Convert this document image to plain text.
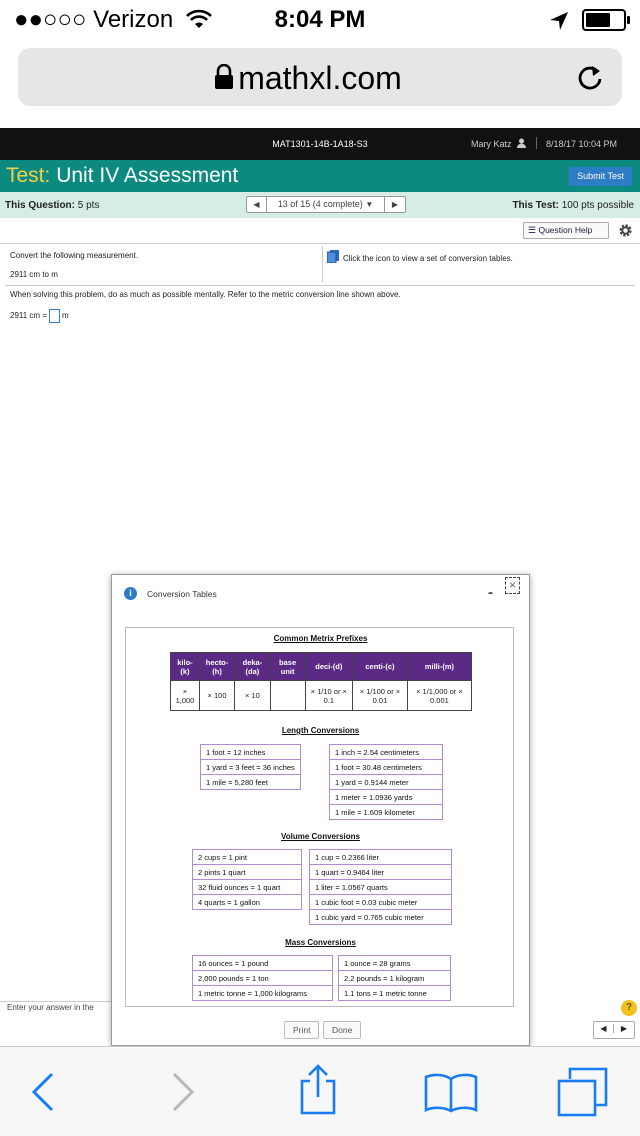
●●○○○ Verizon	8:04 PM
mathxl.com
MAT1301-14B-1A18-S3	Mary Katz	8/18/17 10:04 PM
Test: Unit IV Assessment	Submit Test
This Question: 5 pts	◀	13 of 15 (4 complete) ▼	▶	This Test: 100 pts possible
☰ Question Help
Convert the following measurement.	Click the icon to view a set of conversion tables.
2911 cm to m
When solving this problem, do as much as possible mentally. Refer to the metric conversion line shown above.
2911 cm = m
Enter your answer in the	?
◀	▶
i	Conversion Tables	-	×
Common Metrix Prefixes
kilo-(k)	hecto-(h)	deka-(da)	base unit	deci-(d)	centi-(c)	milli-(m)
× 1,000	× 100	× 10		× 1/10 or × 0.1	× 1/100 or × 0.01	× 1/1,000 or × 0.001
Length Conversions
1 foot = 12 inches
1 yard = 3 feet = 36 inches
1 mile = 5,280 feet
1 inch = 2.54 centimeters
1 foot = 30.48 centimeters
1 yard = 0.9144 meter
1 meter = 1.0936 yards
1 mile = 1.609 kilometer
Volume Conversions
2 cups = 1 pint
2 pints 1 quart
32 fluid ounces = 1 quart
4 quarts = 1 gallon
1 cup = 0.2366 liter
1 quart = 0.9464 liter
1 liter = 1.0567 quarts
1 cubic foot = 0.03 cubic meter
1 cubic yard = 0.765 cubic meter
Mass Conversions
16 ounces = 1 pound
2,000 pounds = 1 ton
1 metric tonne = 1,000 kilograms
1 ounce = 28 grams
2.2 pounds = 1 kilogram
1.1 tons = 1 metric tonne
Print	Done
